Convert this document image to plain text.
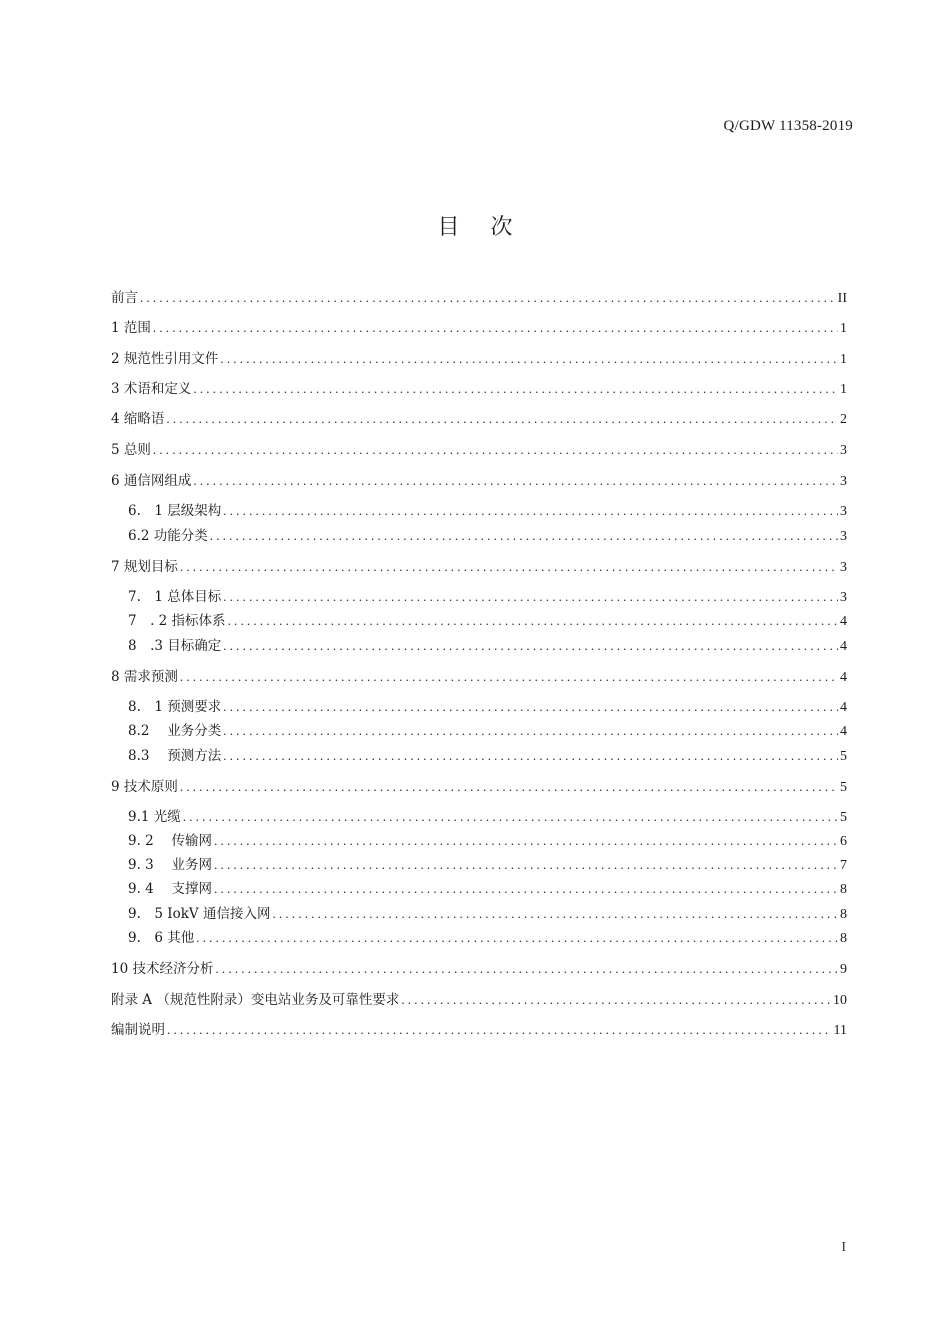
Q/GDW 11358-2019
目 次
前言 .....	II
1 范围 .....	1
2 规范性引用文件 .....	1
3 术语和定义 .....	1
4 缩略语 .....	2
5 总则 .....	3
6 通信网组成 .....	3
6.　1 层级架构 .....	3
6.2 功能分类 .....	3
7 规划目标 .....	3
7.　1 总体目标 .....	3
7　. 2 指标体系 .....	4
8　.3 目标确定 .....	4
8 需求预测 .....	4
8.　1 预测要求 .....	4
8.2　 业务分类 .....	4
8.3　 预测方法 .....	5
9 技术原则 .....	5
9.1 光缆 .....	5
9. 2　 传输网 .....	6
9. 3　 业务网 .....	7
9. 4　 支撑网 .....	8
9.　5 IokV 通信接入网 .....	8
9.　6 其他 .....	8
10 技术经济分析 .....	9
附录 A （规范性附录）变电站业务及可靠性要求 .....	10
编制说明 .....	11
I
